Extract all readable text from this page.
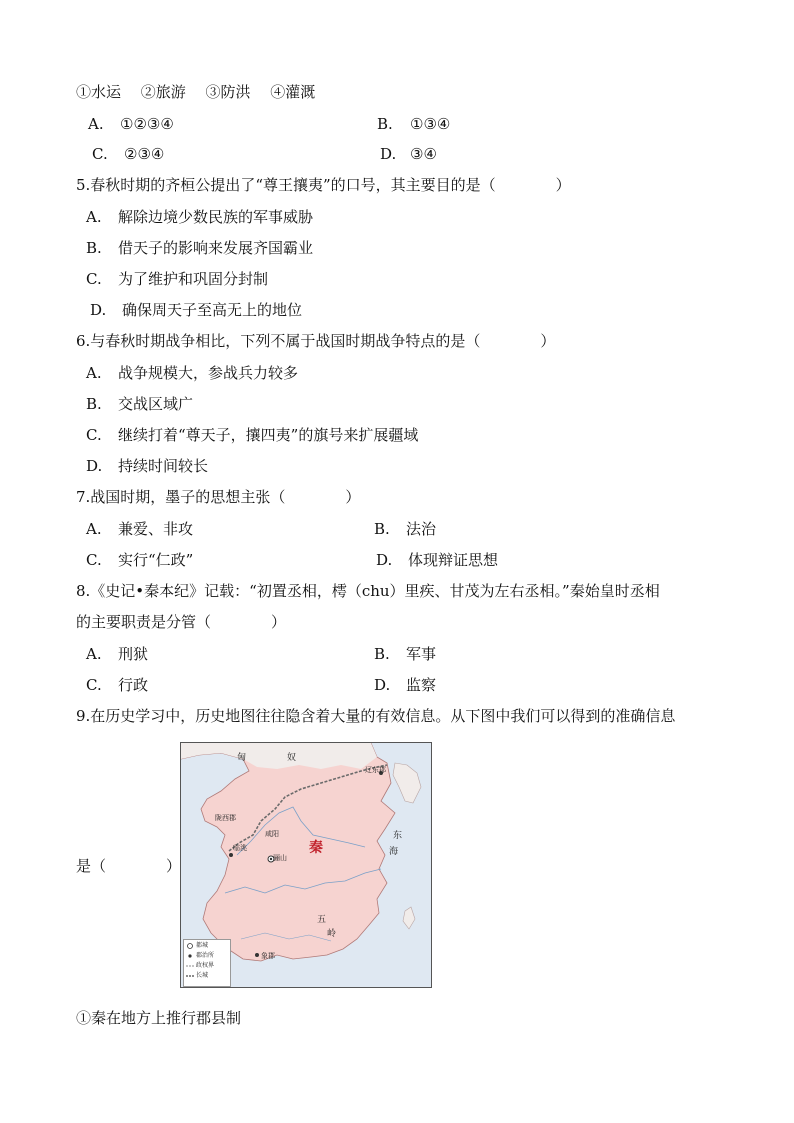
①水运　 ②旅游　 ③防洪　 ④灌溉
A. ①②③④	B. ①③④
C. ②③④	D. ③④
5.春秋时期的齐桓公提出了“尊王攘夷”的口号，其主要目的是（　　　　）
A. 解除边境少数民族的军事威胁
B. 借天子的影响来发展齐国霸业
C. 为了维护和巩固分封制
D. 确保周天子至高无上的地位
6.与春秋时期战争相比，下列不属于战国时期战争特点的是（　　　　）
A. 战争规模大，参战兵力较多
B. 交战区域广
C. 继续打着“尊天子，攘四夷”的旗号来扩展疆域
D. 持续时间较长
7.战国时期，墨子的思想主张（　　　　）
A. 兼爱、非攻	B. 法治
C. 实行“仁政”	D. 体现辩证思想
8.《史记•秦本纪》记载：“初置丞相，樗（chu）里疾、甘茂为左右丞相。”秦始皇时丞相
的主要职责是分管（　　　　）
A. 刑狱	B. 军事
C. 行政	D. 监察
9.在历史学习中，历史地图往往隐含着大量的有效信息。从下图中我们可以得到的准确信息
匈	奴
辽东郡
陇西郡
咸阳
临洮
骊山
秦
东
海
五
岭
象郡
都城
郡治所
政权界
长城
是（　　　　）
①秦在地方上推行郡县制
